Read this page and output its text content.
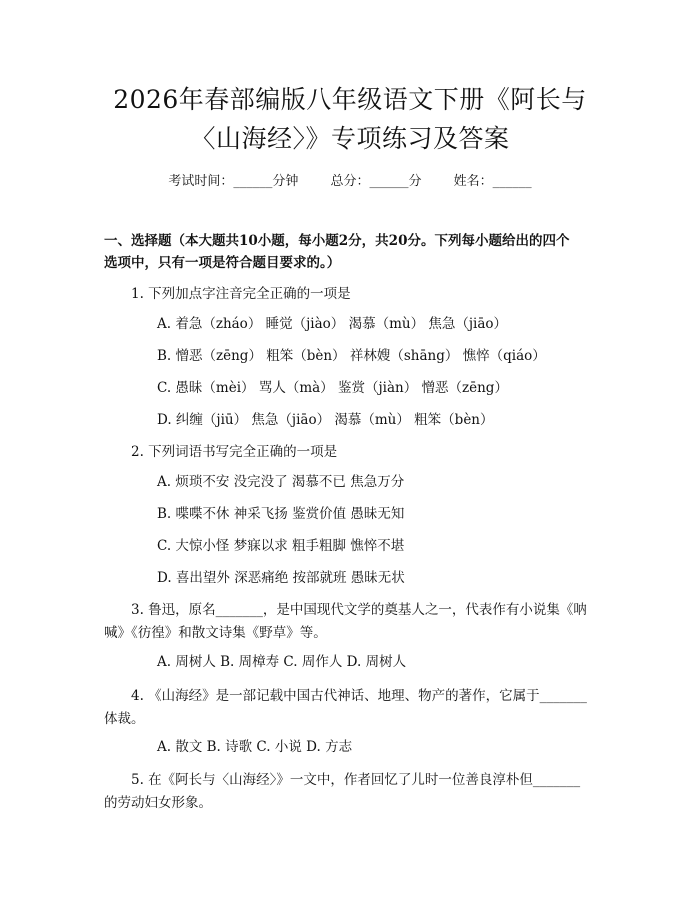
2026年春部编版八年级语文下册《阿长与
〈山海经〉》专项练习及答案
考试时间：______分钟 总分：______分 姓名：______
一、选择题（本大题共10小题，每小题2分，共20分。下列每小题给出的四个
选项中，只有一项是符合题目要求的。）
1. 下列加点字注音完全正确的一项是
A. 着急（zháo） 睡觉（jiào） 渴慕（mù） 焦急（jiāo）
B. 憎恶（zēng） 粗笨（bèn） 祥林嫂（shāng） 憔悴（qiáo）
C. 愚昧（mèi） 骂人（mà） 鉴赏（jiàn） 憎恶（zēng）
D. 纠缠（jiū） 焦急（jiāo） 渴慕（mù） 粗笨（bèn）
2. 下列词语书写完全正确的一项是
A. 烦琐不安 没完没了 渴慕不已 焦急万分
B. 喋喋不休 神采飞扬 鉴赏价值 愚昧无知
C. 大惊小怪 梦寐以求 粗手粗脚 憔悴不堪
D. 喜出望外 深恶痛绝 按部就班 愚昧无状
3. 鲁迅，原名_______，是中国现代文学的奠基人之一，代表作有小说集《呐
喊》《彷徨》和散文诗集《野草》等。
A. 周树人 B. 周樟寿 C. 周作人 D. 周树人
4. 《山海经》是一部记载中国古代神话、地理、物产的著作，它属于_______
体裁。
A. 散文 B. 诗歌 C. 小说 D. 方志
5. 在《阿长与〈山海经〉》一文中，作者回忆了儿时一位善良淳朴但_______
的劳动妇女形象。
